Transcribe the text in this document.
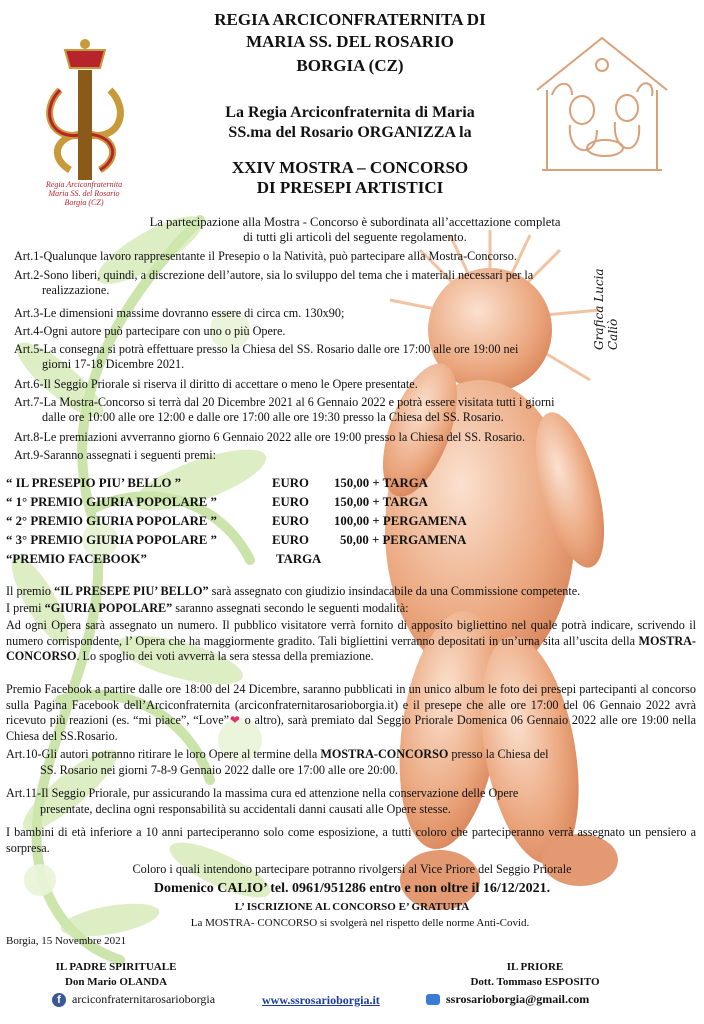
Regia Arciconfraternita
Maria SS. del Rosario
Borgia (CZ)
Grafica Lucia Caliò
REGIA ARCICONFRATERNITA DI
MARIA SS. DEL ROSARIO
BORGIA (CZ)
La Regia Arciconfraternita di Maria
SS.ma del Rosario ORGANIZZA la
XXIV MOSTRA – CONCORSO
DI PRESEPI ARTISTICI
La partecipazione alla Mostra - Concorso è subordinata all’accettazione completa
di tutti gli articoli del seguente regolamento.
Art.1-Qualunque lavoro rappresentante il Presepio o la Natività, può partecipare alla Mostra-Concorso.
Art.2-Sono liberi, quindi, a discrezione dell’autore, sia lo sviluppo del tema che i materiali necessari per la
realizzazione.
Art.3-Le dimensioni massime dovranno essere di circa cm. 130x90;
Art.4-Ogni autore può partecipare con uno o più Opere.
Art.5-La consegna si potrà effettuare presso la Chiesa del SS. Rosario dalle ore 17:00 alle ore 19:00 nei
giorni 17-18 Dicembre 2021.
Art.6-Il Seggio Priorale si riserva il diritto di accettare o meno le Opere presentate.
Art.7-La Mostra-Concorso si terrà dal 20 Dicembre 2021 al 6 Gennaio 2022 e potrà essere visitata tutti i giorni
dalle ore 10:00 alle ore 12:00 e dalle ore 17:00 alle ore 19:30 presso la Chiesa del SS. Rosario.
Art.8-Le premiazioni avverranno giorno 6 Gennaio 2022 alle ore 19:00 presso la Chiesa del SS. Rosario.
Art.9-Saranno assegnati i seguenti premi:
“ IL PRESEPIO PIU’ BELLO ”	EURO 150,00 + TARGA
“ 1° PREMIO GIURIA POPOLARE ”	EURO 150,00 + TARGA
“ 2° PREMIO GIURIA POPOLARE ”	EURO 100,00 + PERGAMENA
“ 3° PREMIO GIURIA POPOLARE ”	EURO 50,00 + PERGAMENA
“PREMIO FACEBOOK”	TARGA
Il premio “IL PRESEPE PIU’ BELLO” sarà assegnato con giudizio insindacabile da una Commissione competente.
I premi “GIURIA POPOLARE” saranno assegnati secondo le seguenti modalità:
Ad ogni Opera sarà assegnato un numero. Il pubblico visitatore verrà fornito di apposito bigliettino nel quale potrà indicare, scrivendo il numero corrispondente, l’ Opera che ha maggiormente gradito. Tali bigliettini verranno depositati in un’urna sita all’uscita della MOSTRA-CONCORSO. Lo spoglio dei voti avverrà la sera stessa della premiazione.
Premio Facebook a partire dalle ore 18:00 del 24 Dicembre, saranno pubblicati in un unico album le foto dei presepi partecipanti al concorso sulla Pagina Facebook dell’Arciconfraternita (arciconfraternitarosarioborgia.it) e il presepe che alle ore 17:00 del 06 Gennaio 2022 avrà ricevuto più reazioni (es. “mi piace”, “Love”❤ o altro), sarà premiato dal Seggio Priorale Domenica 06 Gennaio 2022 alle ore 19:00 nella Chiesa del SS.Rosario.
Art.10-Gli autori potranno ritirare le loro Opere al termine della MOSTRA-CONCORSO presso la Chiesa del
SS. Rosario nei giorni 7-8-9 Gennaio 2022 dalle ore 17:00 alle ore 20:00.
Art.11-Il Seggio Priorale, pur assicurando la massima cura ed attenzione nella conservazione delle Opere
presentate, declina ogni responsabilità su accidentali danni causati alle Opere stesse.
I bambini di età inferiore a 10 anni parteciperanno solo come esposizione, a tutti coloro che parteciperanno verrà assegnato un pensiero a sorpresa.
Coloro i quali intendono partecipare potranno rivolgersi al Vice Priore del Seggio Priorale
Domenico CALIO’ tel. 0961/951286 entro e non oltre il 16/12/2021.
L’ ISCRIZIONE AL CONCORSO E’ GRATUITA
La MOSTRA- CONCORSO si svolgerà nel rispetto delle norme Anti-Covid.
Borgia, 15 Novembre 2021
IL PADRE SPIRITUALE
Don Mario OLANDA
IL PRIORE
Dott. Tommaso ESPOSITO
f arciconfraternitarosarioborgia	www.ssrosarioborgia.it	ssrosarioborgia@gmail.com
